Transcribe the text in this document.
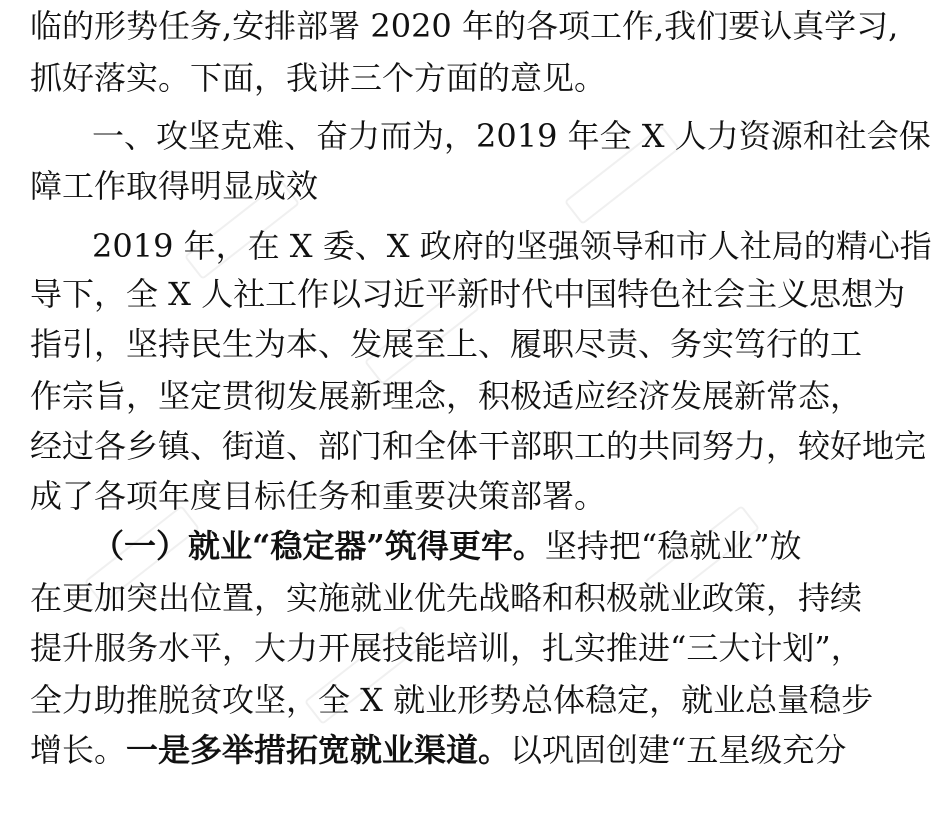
临的形势任务,安排部署 2020 年的各项工作,我们要认真学习,
抓好落实。下面，我讲三个方面的意见。
一、攻坚克难、奋力而为，2019 年全 X 人力资源和社会保
障工作取得明显成效
2019 年，在 X 委、X 政府的坚强领导和市人社局的精心指
导下，全 X 人社工作以习近平新时代中国特色社会主义思想为
指引，坚持民生为本、发展至上、履职尽责、务实笃行的工
作宗旨，坚定贯彻发展新理念，积极适应经济发展新常态，
经过各乡镇、街道、部门和全体干部职工的共同努力，较好地完
成了各项年度目标任务和重要决策部署。
（一）就业“稳定器”筑得更牢。坚持把“稳就业”放
在更加突出位置，实施就业优先战略和积极就业政策，持续
提升服务水平，大力开展技能培训，扎实推进“三大计划”，
全力助推脱贫攻坚，全 X 就业形势总体稳定，就业总量稳步
增长。一是多举措拓宽就业渠道。以巩固创建“五星级充分
